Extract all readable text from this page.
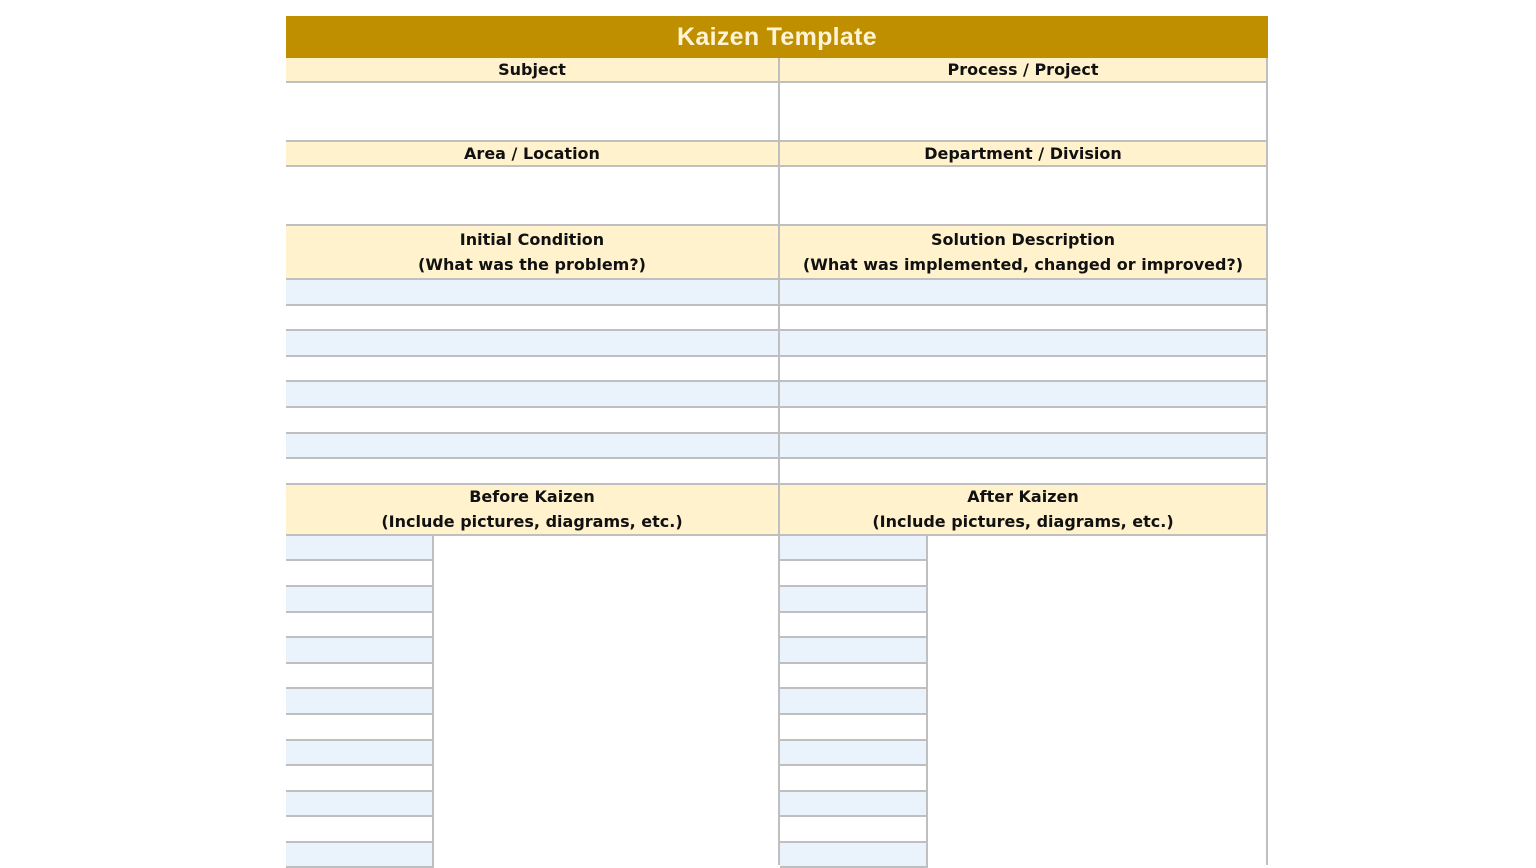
Kaizen Template
Subject	Process / Project
Area / Location	Department / Division
Initial Condition
(What was the problem?)
Solution Description
(What was implemented, changed or improved?)
Before Kaizen
(Include pictures, diagrams, etc.)
After Kaizen
(Include pictures, diagrams, etc.)
